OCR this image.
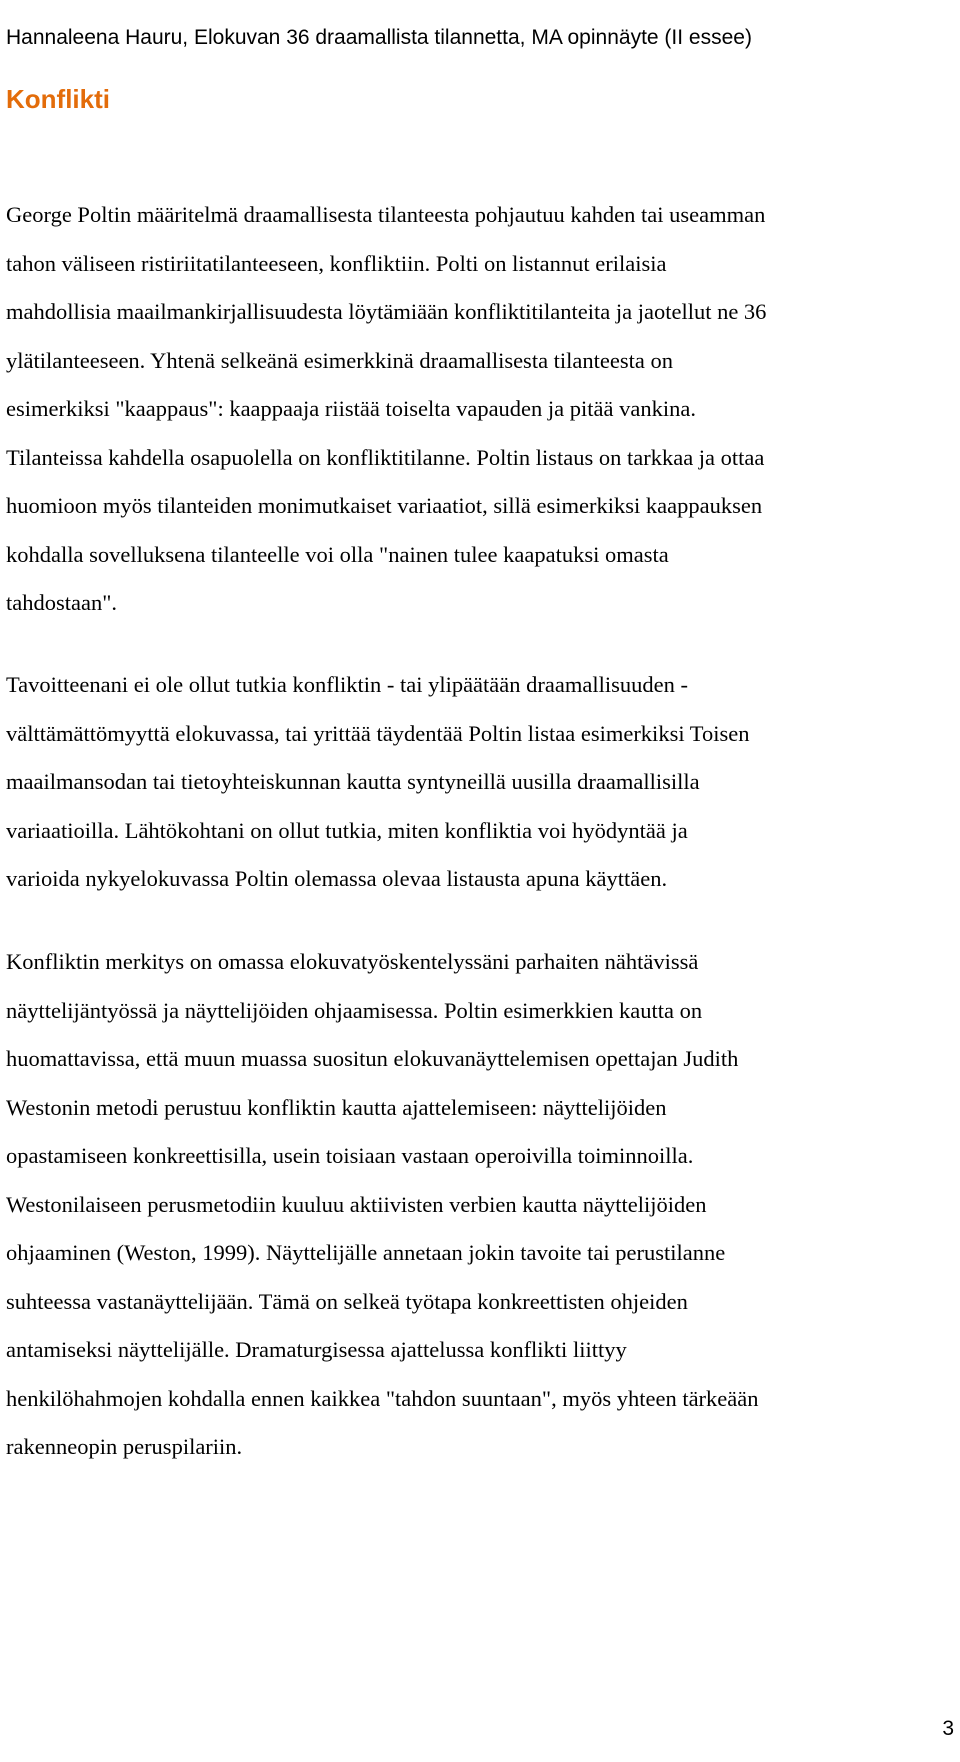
Hannaleena Hauru, Elokuvan 36 draamallista tilannetta, MA opinnäyte (II essee)
Konflikti

George Poltin määritelmä draamallisesta tilanteesta pohjautuu kahden tai useamman
tahon väliseen ristiriitatilanteeseen, konfliktiin. Polti on listannut erilaisia
mahdollisia maailmankirjallisuudesta löytämiään konfliktitilanteita ja jaotellut ne 36
ylätilanteeseen. Yhtenä selkeänä esimerkkinä draamallisesta tilanteesta on
esimerkiksi "kaappaus": kaappaaja riistää toiselta vapauden ja pitää vankina.
Tilanteissa kahdella osapuolella on konfliktitilanne. Poltin listaus on tarkkaa ja ottaa
huomioon myös tilanteiden monimutkaiset variaatiot, sillä esimerkiksi kaappauksen
kohdalla sovelluksena tilanteelle voi olla "nainen tulee kaapatuksi omasta
tahdostaan".

Tavoitteenani ei ole ollut tutkia konfliktin - tai ylipäätään draamallisuuden -
välttämättömyyttä elokuvassa, tai yrittää täydentää Poltin listaa esimerkiksi Toisen
maailmansodan tai tietoyhteiskunnan kautta syntyneillä uusilla draamallisilla
variaatioilla. Lähtökohtani on ollut tutkia, miten konfliktia voi hyödyntää ja
varioida nykyelokuvassa Poltin olemassa olevaa listausta apuna käyttäen.

Konfliktin merkitys on omassa elokuvatyöskentelyssäni parhaiten nähtävissä
näyttelijäntyössä ja näyttelijöiden ohjaamisessa. Poltin esimerkkien kautta on
huomattavissa, että muun muassa suositun elokuvanäyttelemisen opettajan Judith
Westonin metodi perustuu konfliktin kautta ajattelemiseen: näyttelijöiden
opastamiseen konkreettisilla, usein toisiaan vastaan operoivilla toiminnoilla.
Westonilaiseen perusmetodiin kuuluu aktiivisten verbien kautta näyttelijöiden
ohjaaminen (Weston, 1999). Näyttelijälle annetaan jokin tavoite tai perustilanne
suhteessa vastanäyttelijään. Tämä on selkeä työtapa konkreettisten ohjeiden
antamiseksi näyttelijälle. Dramaturgisessa ajattelussa konflikti liittyy
henkilöhahmojen kohdalla ennen kaikkea "tahdon suuntaan", myös yhteen tärkeään
rakenneopin peruspilariin.

3
